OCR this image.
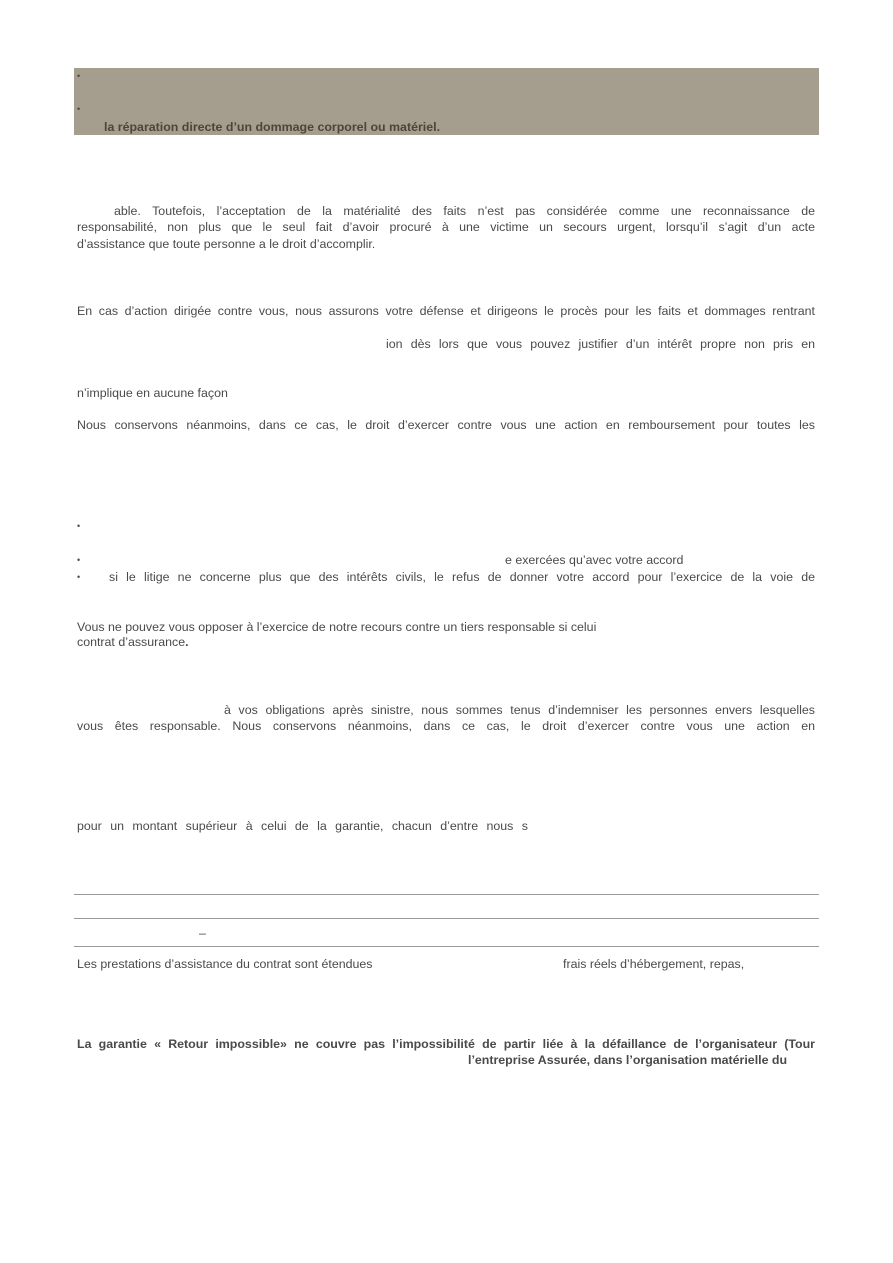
•
•
la réparation directe d’un dommage corporel ou matériel.
able. Toutefois, l’acceptation de la matérialité des faits n’est pas considérée comme une reconnaissance de
responsabilité, non plus que le seul fait d’avoir procuré à une victime un secours urgent, lorsqu’il s’agit d’un acte
d’assistance que toute personne a le droit d’accomplir.
En cas d’action dirigée contre vous, nous assurons votre défense et dirigeons le procès pour les faits et dommages rentrant
ion dès lors que vous pouvez justifier d’un intérêt propre non pris en
n’implique en aucune façon
Nous conservons néanmoins, dans ce cas, le droit d’exercer contre vous une action en remboursement pour toutes les
•
•	e exercées qu’avec votre accord
• si le litige ne concerne plus que des intérêts civils, le refus de donner votre accord pour l’exercice de la voie de
Vous ne pouvez vous opposer à l’exercice de notre recours contre un tiers responsable si celui
contrat d’assurance.
à vos obligations après sinistre, nous sommes tenus d’indemniser les personnes envers lesquelles
vous êtes responsable. Nous conservons néanmoins, dans ce cas, le droit d’exercer contre vous une action en
pour un montant supérieur à celui de la garantie, chacun d’entre nous s
–
Les prestations d’assistance du contrat sont étendues	frais réels d’hébergement, repas,
La garantie « Retour impossible» ne couvre pas l’impossibilité de partir liée à la défaillance de l’organisateur (Tour
l’entreprise Assurée, dans l’organisation matérielle du
